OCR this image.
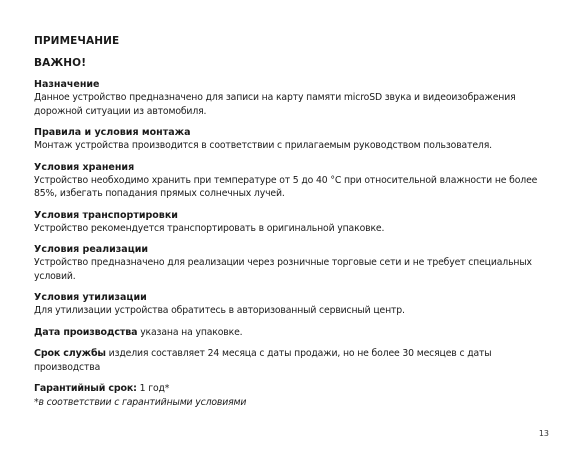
ПРИМЕЧАНИЕ

ВАЖНО!

Назначение

Данное устройство предназначено для записи на карту памяти microSD звука и видеоизображения дорожной ситуации из автомобиля.

Правила и условия монтажа

Монтаж устройства производится в соответствии с прилагаемым руководством пользователя.

Условия хранения

Устройство необходимо хранить при температуре от 5 до 40 °С при относительной влажности не более 85%, избегать попадания прямых солнечных лучей.

Условия транспортировки

Устройство рекомендуется транспортировать в оригинальной упаковке.

Условия реализации

Устройство предназначено для реализации через розничные торговые сети и не требует специальных условий.

Условия утилизации

Для утилизации устройства обратитесь в авторизованный сервисный центр.

Дата производства указана на упаковке.

Срок службы изделия составляет 24 месяца с даты продажи, но не более 30 месяцев с даты производства

Гарантийный срок: 1 год*

*в соответствии с гарантийными условиями

13
